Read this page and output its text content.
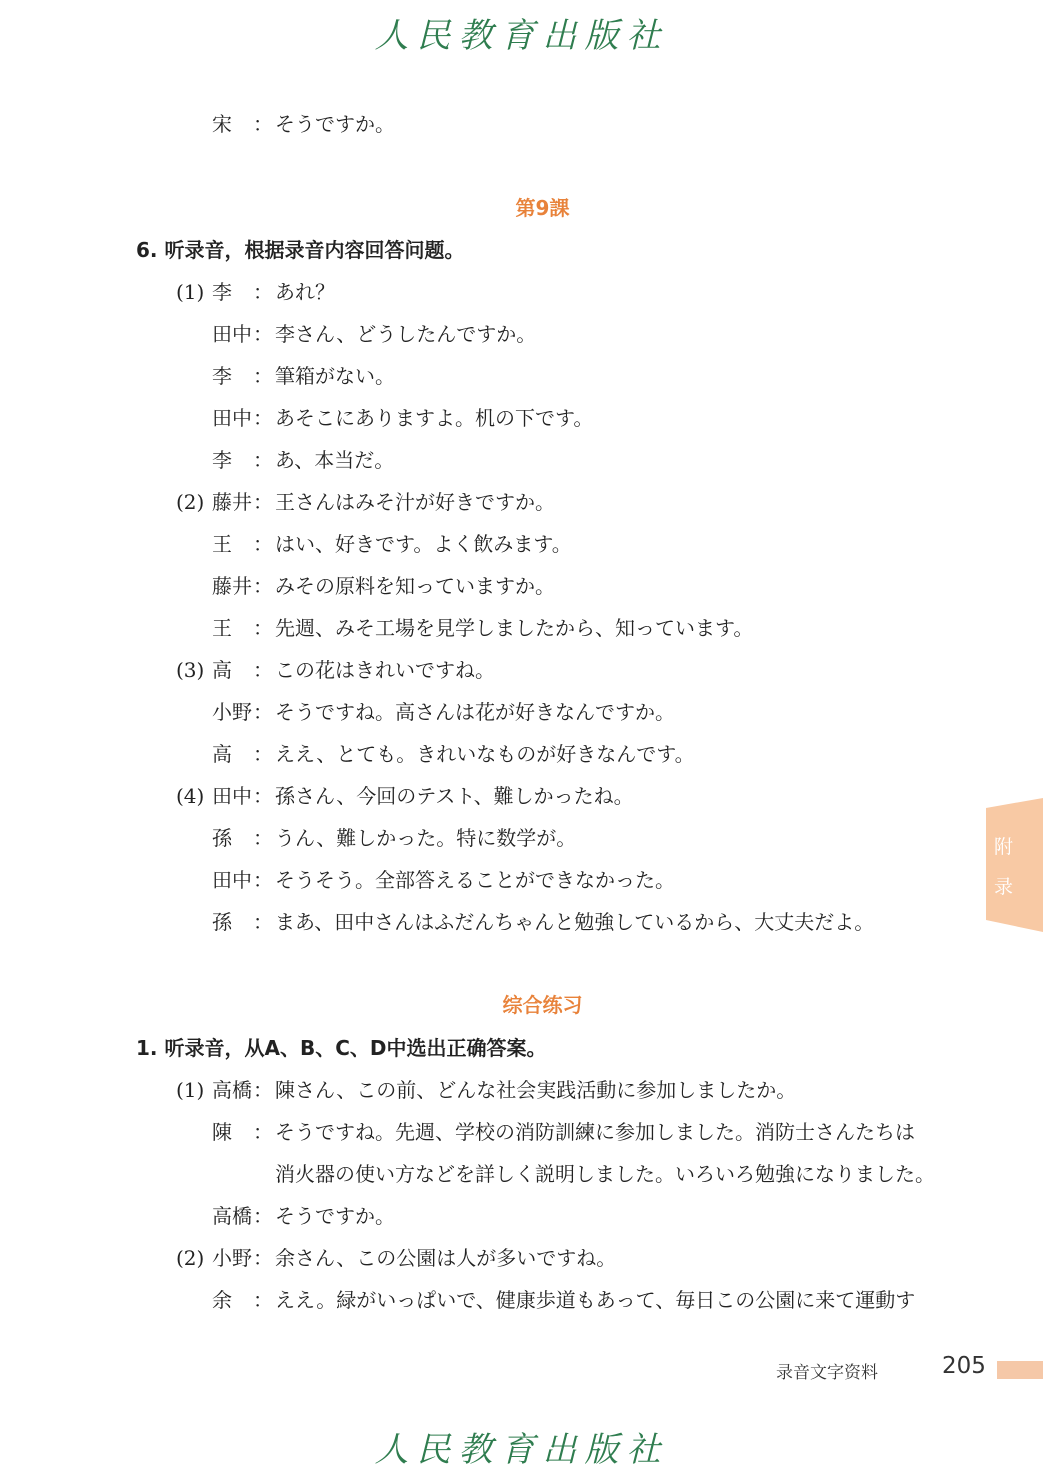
人民教育出版社
宋 ： そうですか。
第9課
6. 听录音，根据录音内容回答问题。
(1) 李 ： あれ？
田中 ： 李さん、どうしたんですか。
李 ： 筆箱がない。
田中 ： あそこにありますよ。机の下です。
李 ： あ、本当だ。
(2) 藤井 ： 王さんはみそ汁が好きですか。
王 ： はい、好きです。よく飲みます。
藤井 ： みその原料を知っていますか。
王 ： 先週、みそ工場を見学しましたから、知っています。
(3) 高 ： この花はきれいですね。
小野 ： そうですね。高さんは花が好きなんですか。
高 ： ええ、とても。きれいなものが好きなんです。
(4) 田中 ： 孫さん、今回のテスト、難しかったね。
孫 ： うん、難しかった。特に数学が。
田中 ： そうそう。全部答えることができなかった。
孫 ： まあ、田中さんはふだんちゃんと勉強しているから、大丈夫だよ。
综合练习
1. 听录音，从A、B、C、D中选出正确答案。
(1) 高橋 ： 陳さん、この前、どんな社会実践活動に参加しましたか。
陳 ： そうですね。先週、学校の消防訓練に参加しました。消防士さんたちは
消火器の使い方などを詳しく説明しました。いろいろ勉強になりました。
高橋 ： そうですか。
(2) 小野 ： 余さん、この公園は人が多いですね。
余 ： ええ。緑がいっぱいで、健康歩道もあって、毎日この公園に来て運動す
附
录
录音文字资料	205
人民教育出版社
